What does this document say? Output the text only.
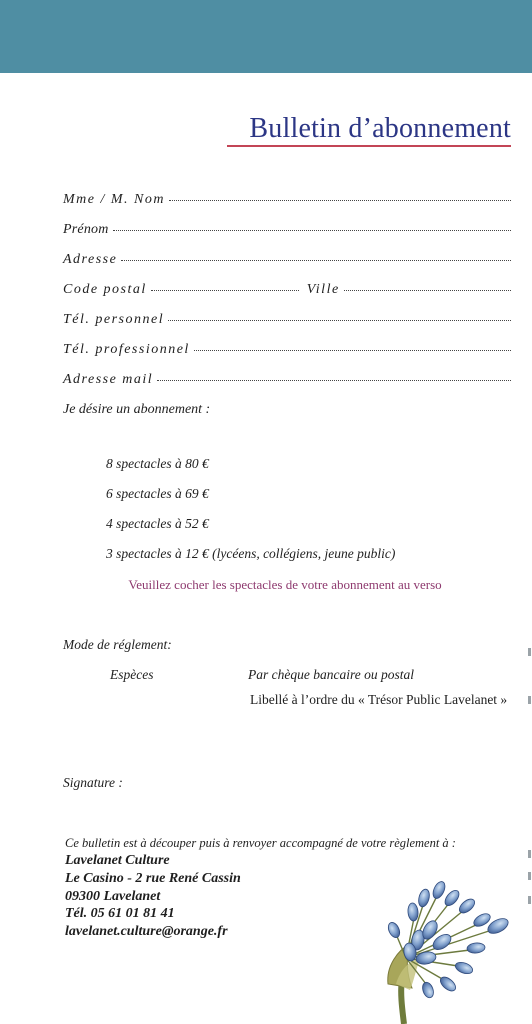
Bulletin d’abonnement
Mme / M. Nom
Prénom
Adresse
Code postal	Ville
Tél. personnel
Tél. professionnel
Adresse mail
Je désire un abonnement :
8 spectacles à 80 €
6 spectacles à 69 €
4 spectacles à 52 €
3 spectacles à 12 € (lycéens, collégiens, jeune public)
Veuillez cocher les spectacles de votre abonnement au verso
Mode de réglement:
Espèces	Par chèque bancaire ou postal
Libellé à l’ordre du « Trésor Public Lavelanet »
Signature :
Ce bulletin est à découper puis à renvoyer accompagné de votre règlement à :
Lavelanet Culture
Le Casino - 2 rue René Cassin
09300 Lavelanet
Tél. 05 61 01 81 41
lavelanet.culture@orange.fr
